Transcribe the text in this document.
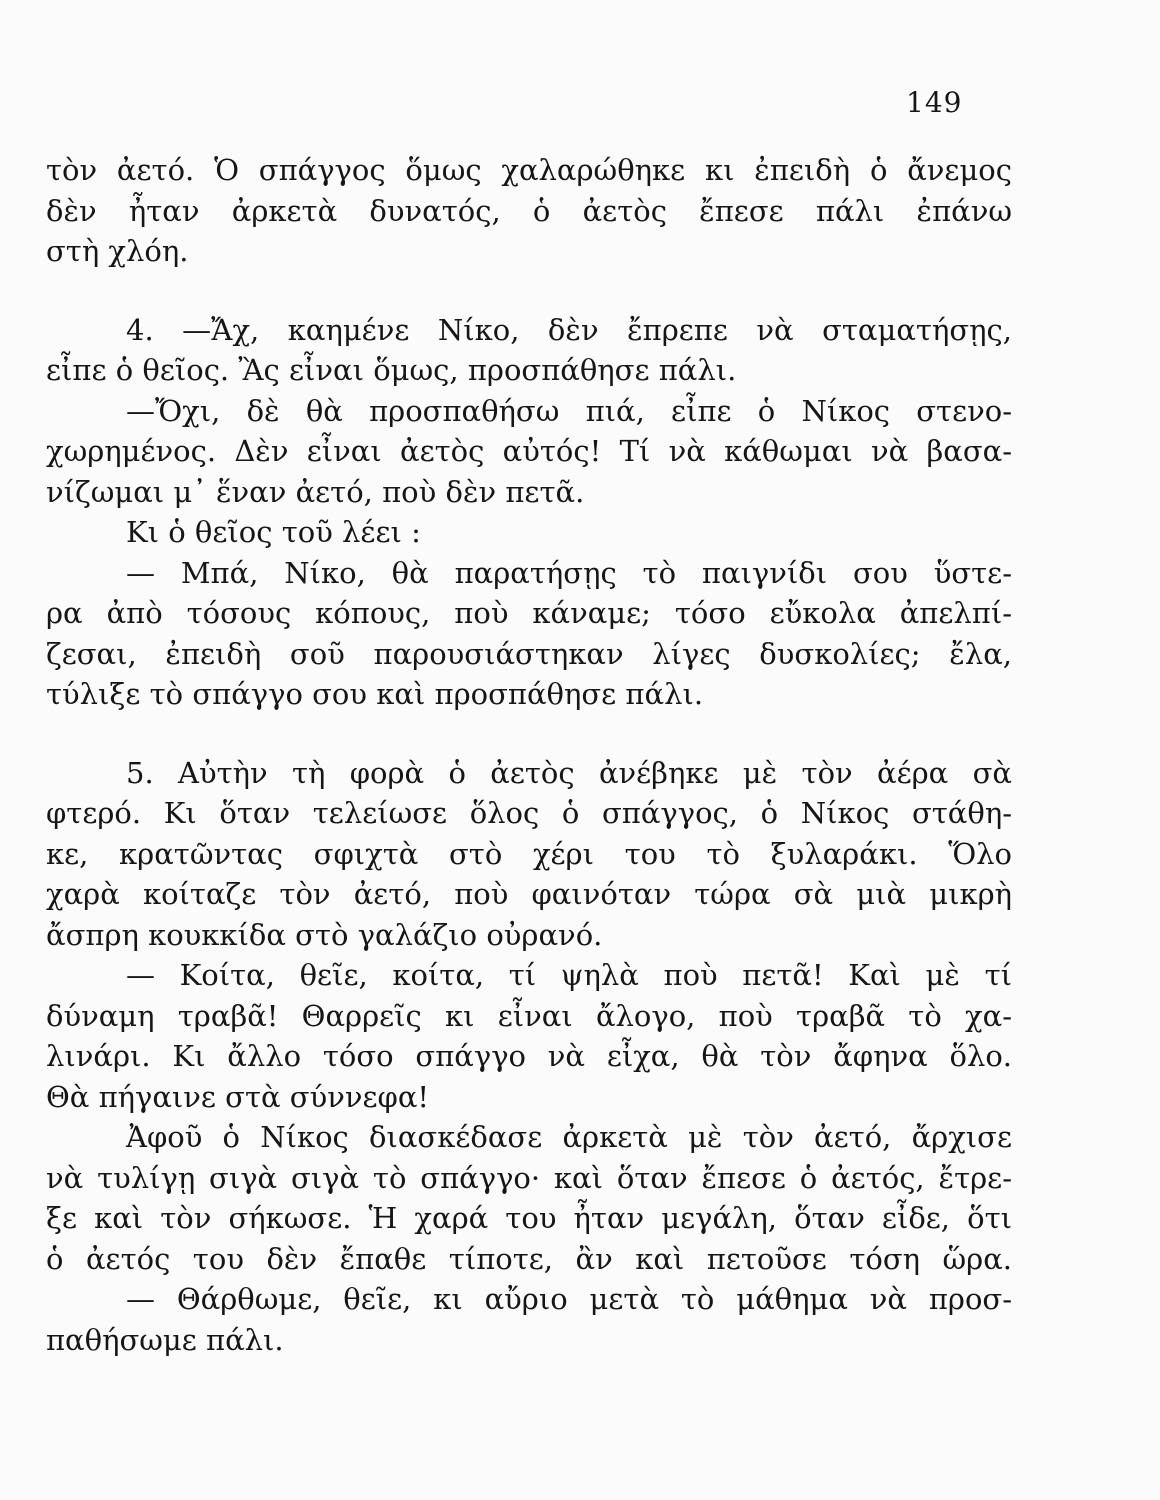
149
τὸν ἀετό. Ὁ σπάγγος ὅμως χαλαρώθηκε κι ἐπειδὴ ὁ ἄνεμος
δὲν ἦταν ἀρκετὰ δυνατός, ὁ ἀετὸς ἔπεσε πάλι ἐπάνω
στὴ χλόη.
4. —Ἄχ, καημένε Νίκο, δὲν ἔπρεπε νὰ σταματήσῃς,
εἶπε ὁ θεῖος. Ἂς εἶναι ὅμως, προσπάθησε πάλι.
—Ὄχι, δὲ θὰ προσπαθήσω πιά, εἶπε ὁ Νίκος στενο-
χωρημένος. Δὲν εἶναι ἀετὸς αὐτός! Τί νὰ κάθωμαι νὰ βασα-
νίζωμαι μ᾽ ἕναν ἀετό, ποὺ δὲν πετᾶ.
Κι ὁ θεῖος τοῦ λέει :
— Μπά, Νίκο, θὰ παρατήσῃς τὸ παιγνίδι σου ὕστε-
ρα ἀπὸ τόσους κόπους, ποὺ κάναμε; τόσο εὔκολα ἀπελπί-
ζεσαι, ἐπειδὴ σοῦ παρουσιάστηκαν λίγες δυσκολίες; ἔλα,
τύλιξε τὸ σπάγγο σου καὶ προσπάθησε πάλι.
5. Αὐτὴν τὴ φορὰ ὁ ἀετὸς ἀνέβηκε μὲ τὸν ἀέρα σὰ
φτερό. Κι ὅταν τελείωσε ὅλος ὁ σπάγγος, ὁ Νίκος στάθη-
κε, κρατῶντας σφιχτὰ στὸ χέρι του τὸ ξυλαράκι. Ὅλο
χαρὰ κοίταζε τὸν ἀετό, ποὺ φαινόταν τώρα σὰ μιὰ μικρὴ
ἄσπρη κουκκίδα στὸ γαλάζιο οὐρανό.
— Κοίτα, θεῖε, κοίτα, τί ψηλὰ ποὺ πετᾶ! Καὶ μὲ τί
δύναμη τραβᾶ! Θαρρεῖς κι εἶναι ἄλογο, ποὺ τραβᾶ τὸ χα-
λινάρι. Κι ἄλλο τόσο σπάγγο νὰ εἶχα, θὰ τὸν ἄφηνα ὅλο.
Θὰ πήγαινε στὰ σύννεφα!
Ἀφοῦ ὁ Νίκος διασκέδασε ἀρκετὰ μὲ τὸν ἀετό, ἄρχισε
νὰ τυλίγῃ σιγὰ σιγὰ τὸ σπάγγο· καὶ ὅταν ἔπεσε ὁ ἀετός, ἔτρε-
ξε καὶ τὸν σήκωσε. Ἡ χαρά του ἦταν μεγάλη, ὅταν εἶδε, ὅτι
ὁ ἀετός του δὲν ἔπαθε τίποτε, ἂν καὶ πετοῦσε τόση ὥρα.
— Θάρθωμε, θεῖε, κι αὔριο μετὰ τὸ μάθημα νὰ προσ-
παθήσωμε πάλι.
